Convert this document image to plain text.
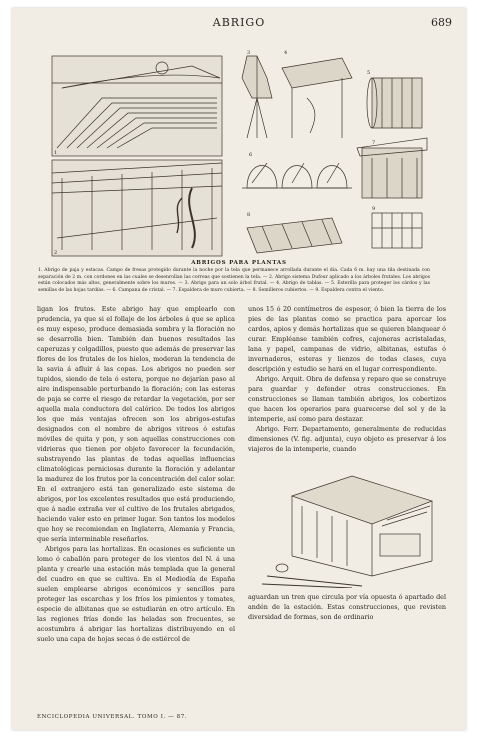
ABRIGO	689
1
2
3	4
5
6
7
8
9
ABRIGOS PARA PLANTAS
1. Abrigo de paja y estacas. Campo de fresas protegido durante la noche por la tela que permanece arrollada durante el día. Cada 6 m. hay una tila destinada con separación de 2 m. con cordones en las cuales se desenrollan las correas que sostienen la tela. — 2. Abrigo sistema Dufour aplicado a los árboles frutales. Los abrigos están colocados más altos, generalmente sobre los muros. — 3. Abrigo para un solo árbol frutal. — 4. Abrigo de tablas. — 5. Esterilla para proteger los cárdos y las semillas de las hojas tardías. — 6. Campana de cristal. — 7. Espaldera de muro cubierta. — 8. Semilleros cubiertos. — 9. Espaldera contra el viento.

ligan los frutos. Este abrigo hay que emplearlo con prudencia, ya que si el follaje de los árboles á que se aplica es muy espeso, produce demasiada sombra y la floración no se desarrolla bien. También dan buenos resultados las caperuzas y colgadillos, puesto que además de preservar las flores de los frutales de los hielos, moderan la tendencia de la savia á afluir á las copas. Los abrigos no pueden ser tupidos, siendo de tela ó estera, porque no dejarían paso al aire indispensable perturbando la floración; con las esteras de paja se corre el riesgo de retardar la vegetación, por ser aquella mala conductora del calórico. De todos los abrigos los que más ventajas ofrecen son los abrigos-estufas designados con el nombre de abrigos vitreos ó estufas móviles de quita y pon, y son aquellas construcciones con vidrieras que tienen por objeto favorecer la fecundación, substrayendo las plantas de todas aquellas influencias climatológicas perniciosas durante la floración y adelantar la madurez de los frutos por la concentración del calor solar. En el extranjero está tan generalizado este sistema de abrigos, por los excelentes resultados que está produciendo, que á nadie extraña ver el cultivo de los frutales abrigados, haciendo valer esto en primer lugar. Son tantos los modelos que hoy se recomiendan en Inglaterra, Alemania y Francia, que sería interminable reseñarlos.

Abrigos para las hortalizas. En ocasiones es suficiente un lomo ó caballón para proteger de los vientos del N. á una planta y crearle una estación más templada que la general del cuadro en que se cultiva. En el Mediodía de España suelen emplearse abrigos económicos y sencillos para proteger las escarchas y los fríos los pimientos y tomates, especie de albitanas que se estudiarán en otro artículo. En las regiones frías donde las heladas son frecuentes, se acostumbra á abrigar las hortalizas distribuyendo en el suelo una capa de hojas secas ó de estiércol de

unos 15 ó 20 centímetros de espesor, ó bien la tierra de los pies de las plantas como se practica para aporcar los cardos, apios y demás hortalizas que se quieren blanquear ó curar. Empléanse también cofres, cajoneras acristaladas, lana y papel, campanas de vidrio, albitanas, estufas ó invernaderos, esteras y lienzos de todas clases, cuya descripción y estudio se hará en el lugar correspondiente.

Abrigo. Arquit. Obra de defensa y reparo que se construye para guardar y defender otras construcciones. En construcciones se llaman también abrigos, los cobertizos que hacen los operarios para guarecerse del sol y de la intemperie, así como para destazar.

Abrigo. Ferr. Departamento, generalmente de reducidas dimensiones (V. fig. adjunta), cuyo objeto es preservar á los viajeros de la intemperie, cuando

aguardan un tren que circula por vía opuesta ó apartado del andén de la estación. Estas construcciones, que revisten diversidad de formas, son de ordinario
ENCICLOPEDIA UNIVERSAL. TOMO I. — 87.
